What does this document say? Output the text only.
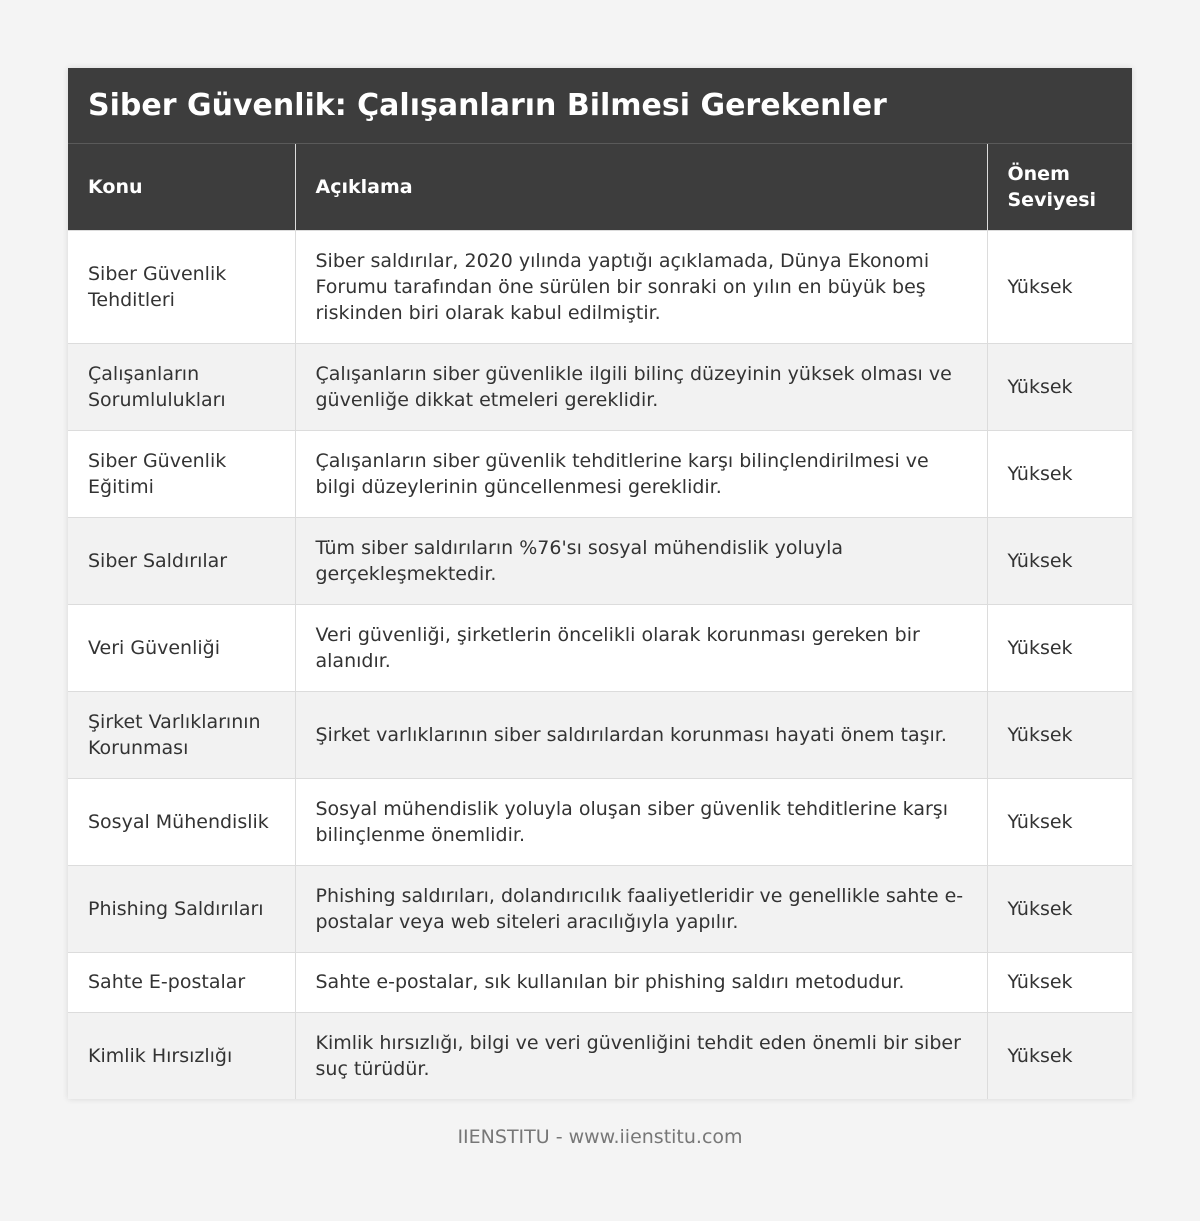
Siber Güvenlik: Çalışanların Bilmesi Gerekenler
Konu	Açıklama	Önem Seviyesi
Siber Güvenlik Tehditleri	Siber saldırılar, 2020 yılında yaptığı açıklamada, Dünya Ekonomi Forumu tarafından öne sürülen bir sonraki on yılın en büyük beş riskinden biri olarak kabul edilmiştir.	Yüksek
Çalışanların Sorumlulukları	Çalışanların siber güvenlikle ilgili bilinç düzeyinin yüksek olması ve güvenliğe dikkat etmeleri gereklidir.	Yüksek
Siber Güvenlik Eğitimi	Çalışanların siber güvenlik tehditlerine karşı bilinçlendirilmesi ve bilgi düzeylerinin güncellenmesi gereklidir.	Yüksek
Siber Saldırılar	Tüm siber saldırıların %76'sı sosyal mühendislik yoluyla gerçekleşmektedir.	Yüksek
Veri Güvenliği	Veri güvenliği, şirketlerin öncelikli olarak korunması gereken bir alanıdır.	Yüksek
Şirket Varlıklarının Korunması	Şirket varlıklarının siber saldırılardan korunması hayati önem taşır.	Yüksek
Sosyal Mühendislik	Sosyal mühendislik yoluyla oluşan siber güvenlik tehditlerine karşı bilinçlenme önemlidir.	Yüksek
Phishing Saldırıları	Phishing saldırıları, dolandırıcılık faaliyetleridir ve genellikle sahte e-postalar veya web siteleri aracılığıyla yapılır.	Yüksek
Sahte E-postalar	Sahte e-postalar, sık kullanılan bir phishing saldırı metodudur.	Yüksek
Kimlik Hırsızlığı	Kimlik hırsızlığı, bilgi ve veri güvenliğini tehdit eden önemli bir siber suç türüdür.	Yüksek
IIENSTITU - www.iienstitu.com
